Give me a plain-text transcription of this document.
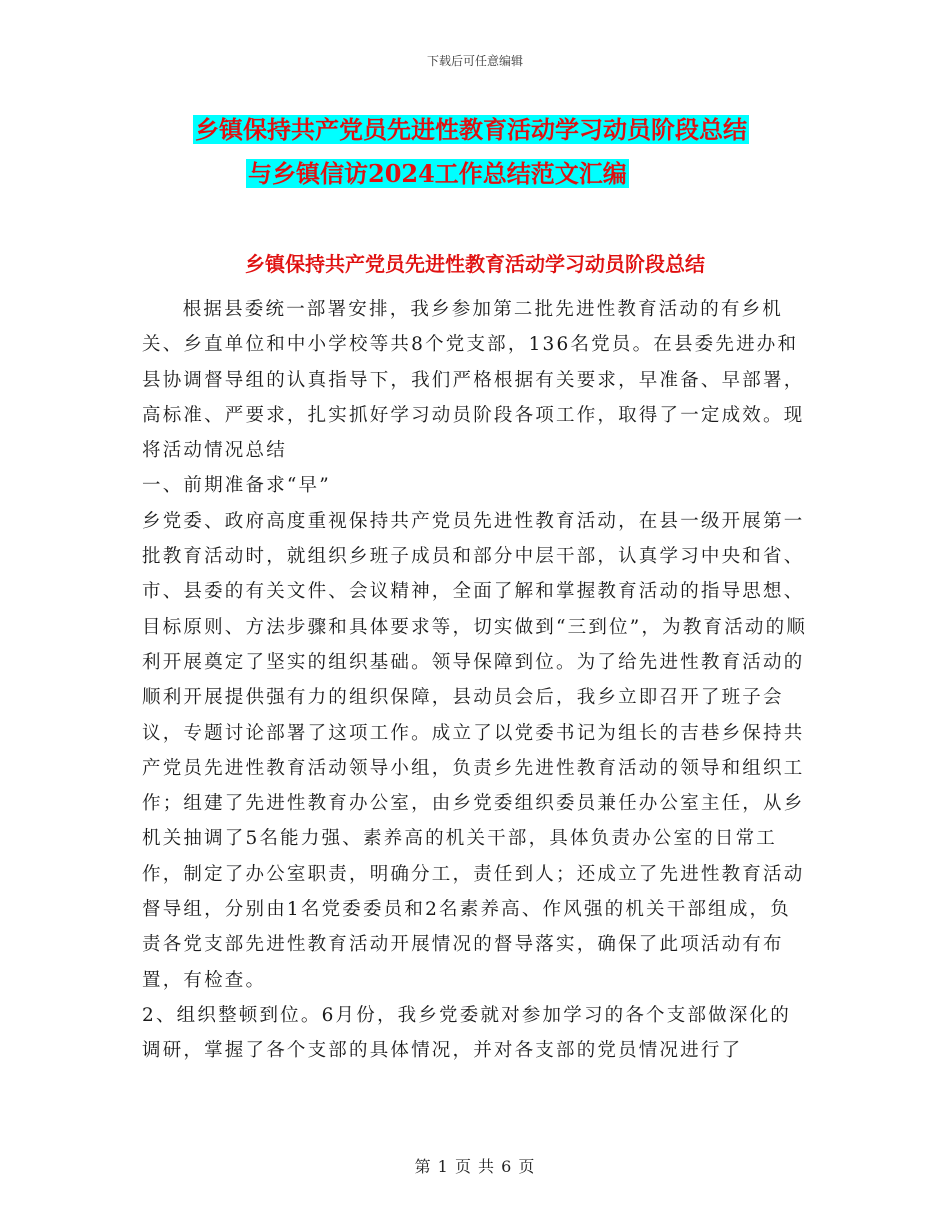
下载后可任意编辑
乡镇保持共产党员先进性教育活动学习动员阶段总结
与乡镇信访2024工作总结范文汇编
乡镇保持共产党员先进性教育活动学习动员阶段总结

根据县委统一部署安排，我乡参加第二批先进性教育活动的有乡机关、乡直单位和中小学校等共8个党支部，136名党员。在县委先进办和县协调督导组的认真指导下，我们严格根据有关要求，早准备、早部署，高标准、严要求，扎实抓好学习动员阶段各项工作，取得了一定成效。现将活动情况总结

一、前期准备求“早”

乡党委、政府高度重视保持共产党员先进性教育活动，在县一级开展第一批教育活动时，就组织乡班子成员和部分中层干部，认真学习中央和省、市、县委的有关文件、会议精神，全面了解和掌握教育活动的指导思想、目标原则、方法步骤和具体要求等，切实做到“三到位”，为教育活动的顺利开展奠定了坚实的组织基础。领导保障到位。为了给先进性教育活动的顺利开展提供强有力的组织保障，县动员会后，我乡立即召开了班子会议，专题讨论部署了这项工作。成立了以党委书记为组长的吉巷乡保持共产党员先进性教育活动领导小组，负责乡先进性教育活动的领导和组织工作；组建了先进性教育办公室，由乡党委组织委员兼任办公室主任，从乡机关抽调了5名能力强、素养高的机关干部，具体负责办公室的日常工作，制定了办公室职责，明确分工，责任到人；还成立了先进性教育活动督导组，分别由1名党委委员和2名素养高、作风强的机关干部组成，负责各党支部先进性教育活动开展情况的督导落实，确保了此项活动有布置，有检查。

2、组织整顿到位。6月份，我乡党委就对参加学习的各个支部做深化的调研，掌握了各个支部的具体情况，并对各支部的党员情况进行了

第 1 页 共 6 页
